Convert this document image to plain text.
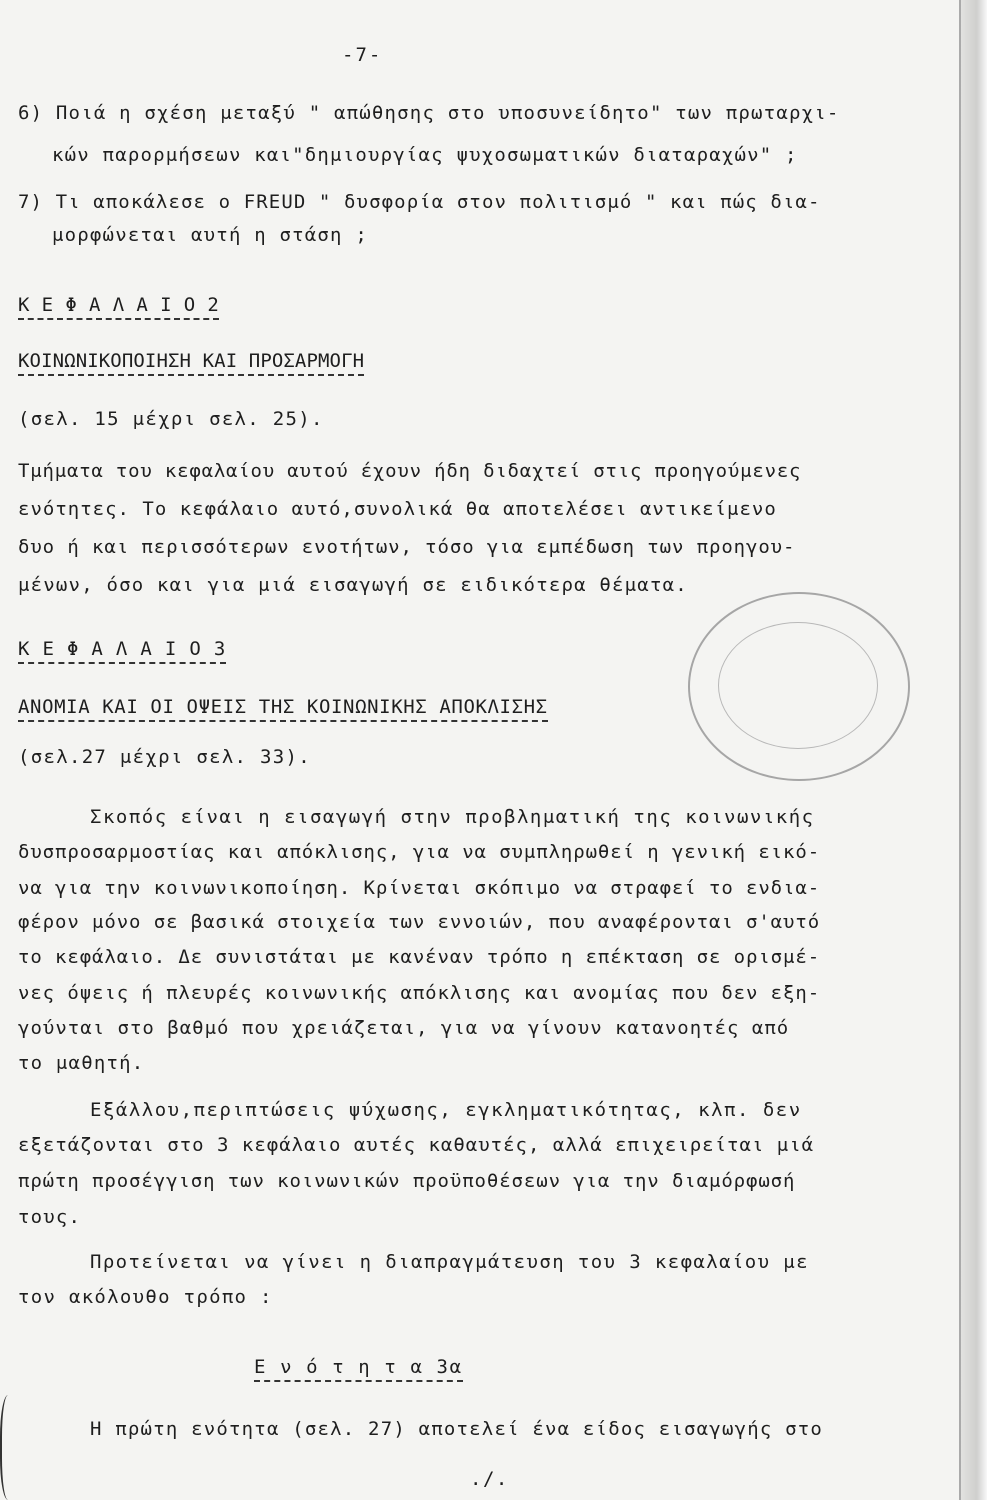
-7-
6) Ποιά η σχέση μεταξύ " απώθησης στο υποσυνείδητο" των πρωταρχι-
κών παρορμήσεων και"δημιουργίας ψυχοσωματικών διαταραχών" ;
7) Τι αποκάλεσε ο FREUD " δυσφορία στον πολιτισμό " και πώς δια-
μορφώνεται αυτή η στάση ;
Κ Ε Φ Α Λ Α Ι Ο 2
ΚΟΙΝΩΝΙΚΟΠΟΙΗΣΗ ΚΑΙ ΠΡΟΣΑΡΜΟΓΗ
(σελ. 15 μέχρι σελ. 25).
Τμήματα του κεφαλαίου αυτού έχουν ήδη διδαχτεί στις προηγούμενες
ενότητες. Το κεφάλαιο αυτό,συνολικά θα αποτελέσει αντικείμενο
δυο ή και περισσότερων ενοτήτων, τόσο για εμπέδωση των προηγου-
μένων, όσο και για μιά εισαγωγή σε ειδικότερα θέματα.
Κ Ε Φ Α Λ Α Ι Ο 3
ΑΝΟΜΙΑ ΚΑΙ ΟΙ ΟΨΕΙΣ ΤΗΣ ΚΟΙΝΩΝΙΚΗΣ ΑΠΟΚΛΙΣΗΣ
(σελ.27 μέχρι σελ. 33).
Σκοπός είναι η εισαγωγή στην προβληματική της κοινωνικής
δυσπροσαρμοστίας και απόκλισης, για να συμπληρωθεί η γενική εικό-
να για την κοινωνικοποίηση. Κρίνεται σκόπιμο να στραφεί το ενδια-
φέρον μόνο σε βασικά στοιχεία των εννοιών, που αναφέρονται σ'αυτό
το κεφάλαιο. Δε συνιστάται με κανέναν τρόπο η επέκταση σε ορισμέ-
νες όψεις ή πλευρές κοινωνικής απόκλισης και ανομίας που δεν εξη-
γούνται στο βαθμό που χρειάζεται, για να γίνουν κατανοητές από
το μαθητή.
Εξάλλου,περιπτώσεις ψύχωσης, εγκληματικότητας, κλπ. δεν
εξετάζονται στο 3 κεφάλαιο αυτές καθαυτές, αλλά επιχειρείται μιά
πρώτη προσέγγιση των κοινωνικών προϋποθέσεων για την διαμόρφωσή
τους.
Προτείνεται να γίνει η διαπραγμάτευση του 3 κεφαλαίου με
τον ακόλουθο τρόπο :
Ε ν ό τ η τ α 3α
Η πρώτη ενότητα (σελ. 27) αποτελεί ένα είδος εισαγωγής στο
./.
